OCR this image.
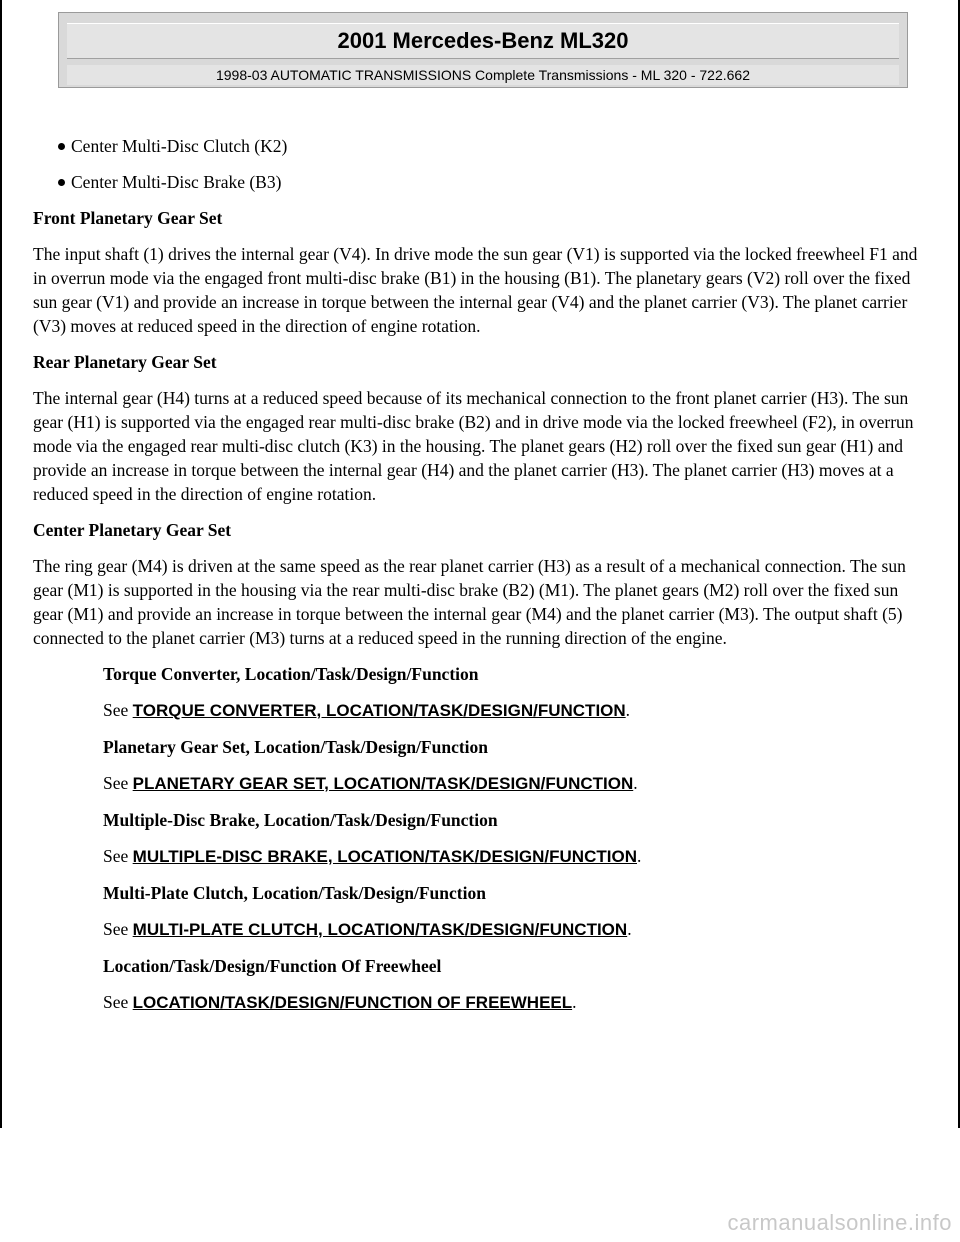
2001 Mercedes-Benz ML320
1998-03 AUTOMATIC TRANSMISSIONS Complete Transmissions - ML 320 - 722.662
Center Multi-Disc Clutch (K2)
Center Multi-Disc Brake (B3)
Front Planetary Gear Set
The input shaft (1) drives the internal gear (V4). In drive mode the sun gear (V1) is supported via the locked freewheel F1 and in overrun mode via the engaged front multi-disc brake (B1) in the housing (B1). The planetary gears (V2) roll over the fixed sun gear (V1) and provide an increase in torque between the internal gear (V4) and the planet carrier (V3). The planet carrier (V3) moves at reduced speed in the direction of engine rotation.
Rear Planetary Gear Set
The internal gear (H4) turns at a reduced speed because of its mechanical connection to the front planet carrier (H3). The sun gear (H1) is supported via the engaged rear multi-disc brake (B2) and in drive mode via the locked freewheel (F2), in overrun mode via the engaged rear multi-disc clutch (K3) in the housing. The planet gears (H2) roll over the fixed sun gear (H1) and provide an increase in torque between the internal gear (H4) and the planet carrier (H3). The planet carrier (H3) moves at a reduced speed in the direction of engine rotation.
Center Planetary Gear Set
The ring gear (M4) is driven at the same speed as the rear planet carrier (H3) as a result of a mechanical connection. The sun gear (M1) is supported in the housing via the rear multi-disc brake (B2) (M1). The planet gears (M2) roll over the fixed sun gear (M1) and provide an increase in torque between the internal gear (M4) and the planet carrier (M3). The output shaft (5) connected to the planet carrier (M3) turns at a reduced speed in the running direction of the engine.
Torque Converter, Location/Task/Design/Function
See TORQUE CONVERTER, LOCATION/TASK/DESIGN/FUNCTION.
Planetary Gear Set, Location/Task/Design/Function
See PLANETARY GEAR SET, LOCATION/TASK/DESIGN/FUNCTION.
Multiple-Disc Brake, Location/Task/Design/Function
See MULTIPLE-DISC BRAKE, LOCATION/TASK/DESIGN/FUNCTION.
Multi-Plate Clutch, Location/Task/Design/Function
See MULTI-PLATE CLUTCH, LOCATION/TASK/DESIGN/FUNCTION.
Location/Task/Design/Function Of Freewheel
See LOCATION/TASK/DESIGN/FUNCTION OF FREEWHEEL.
carmanualsonline.info
